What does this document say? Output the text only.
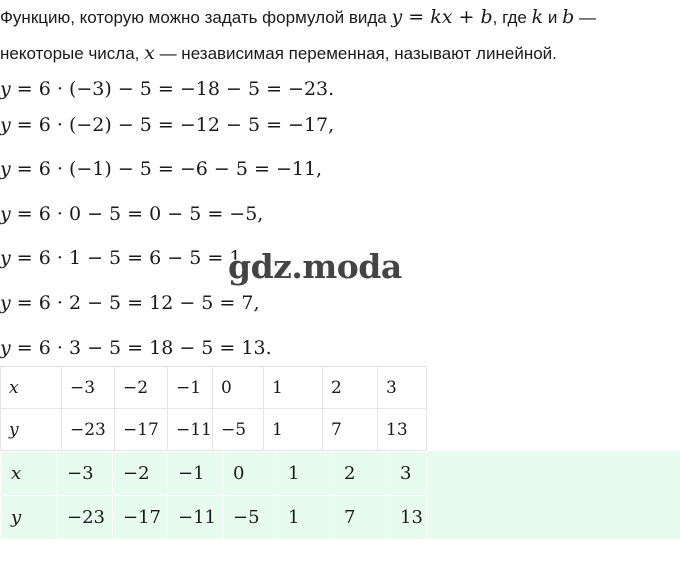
Функцию, которую можно задать формулой вида y = kx + b, где k и b —
некоторые числа, x — независимая переменная, называют линейной.
y = 6 · (−3) − 5 = −18 − 5 = −23.
y = 6 · (−2) − 5 = −12 − 5 = −17,
y = 6 · (−1) − 5 = −6 − 5 = −11,
y = 6 · 0 − 5 = 0 − 5 = −5,
y = 6 · 1 − 5 = 6 − 5 = 1,
y = 6 · 2 − 5 = 12 − 5 = 7,
y = 6 · 3 − 5 = 18 − 5 = 13.
gdz.moda
x	−3	−2	−1	0	1	2	3
y	−23	−17	−11	−5	1	7	13
x	−3	−2	−1	0	1	2	3
y	−23	−17	−11	−5	1	7	13
